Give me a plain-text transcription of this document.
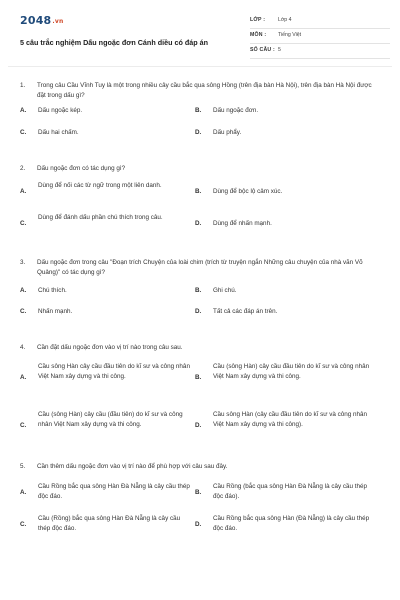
2048.vn
5 câu trắc nghiệm Dấu ngoặc đơn Cánh diều có đáp án
LỚP : Lớp 4
MÔN : Tiếng Việt
SỐ CÂU : 5
1. Trong câu Cầu Vĩnh Tuy là một trong nhiều cây cầu bắc qua sông Hồng (trên địa bàn Hà Nội), trên địa bàn Hà Nội được đặt trong dấu gì?
A. Dấu ngoặc kép.	B. Dấu ngoặc đơn.
C. Dấu hai chấm.	D. Dấu phẩy.
2. Dấu ngoặc đơn có tác dụng gì?
A.
Dùng để nối các từ ngữ trong một liên danh.
B. Dùng để bộc lộ cảm xúc.
C.
Dùng để đánh dấu phần chú thích trong câu.
D. Dùng để nhấn mạnh.
3. Dấu ngoặc đơn trong câu "Đoạn trích Chuyện của loài chim (trích từ truyện ngắn Những câu chuyện của nhà văn Võ Quảng)" có tác dụng gì?
A. Chú thích.	B. Ghi chú.
C. Nhấn mạnh.	D. Tất cả các đáp án trên.
4. Cần đặt dấu ngoặc đơn vào vị trí nào trong câu sau.
A.
Cầu sông Hàn cây cầu đầu tiên do kĩ sư và công nhân Việt Nam xây dựng và thi công.	B.
Cầu (sông Hàn) cây cầu đầu tiên do kĩ sư và công nhân Việt Nam xây dựng và thi công.
C.
Cầu (sông Hàn) cây cầu (đầu tiên) do kĩ sư và công nhân Việt Nam xây dựng và thi công.	D.
Cầu sông Hàn (cây cầu đầu tiên do kĩ sư và công nhân Việt Nam xây dựng và thi công).
5. Cần thêm dấu ngoặc đơn vào vị trí nào để phù hợp với câu sau đây.
A.
Cầu Rồng bắc qua sông Hàn Đà Nẵng là cây cầu thép độc đáo.
B.
Cầu Rồng (bắc qua sông Hàn Đà Nẵng là cây cầu thép độc đáo).
C.
Cầu (Rồng) bắc qua sông Hàn Đà Nẵng là cây cầu thép độc đáo.
D.
Cầu Rồng bắc qua sông Hàn (Đà Nẵng) là cây cầu thép độc đáo.
